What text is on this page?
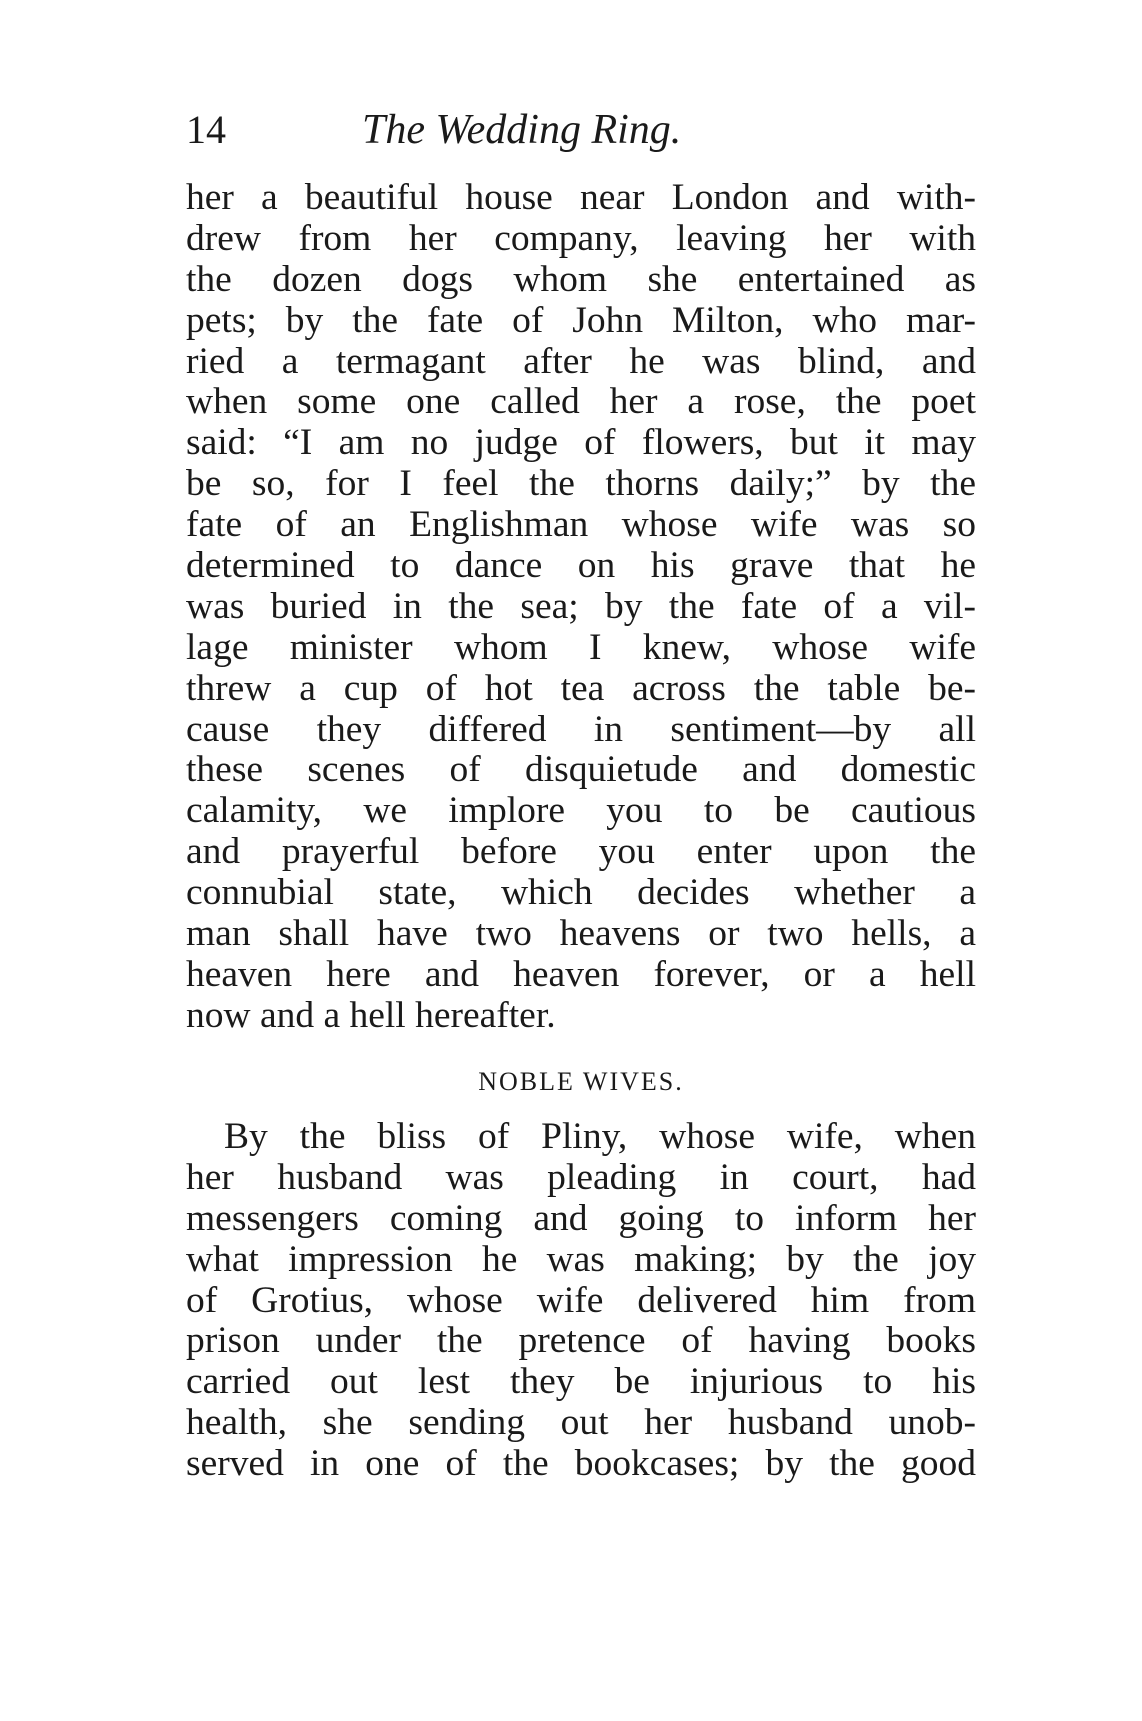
14	The Wedding Ring.
her a beautiful house near London and with-
drew from her company, leaving her with
the dozen dogs whom she entertained as
pets; by the fate of John Milton, who mar-
ried a termagant after he was blind, and
when some one called her a rose, the poet
said: “I am no judge of flowers, but it may
be so, for I feel the thorns daily;” by the
fate of an Englishman whose wife was so
determined to dance on his grave that he
was buried in the sea; by the fate of a vil-
lage minister whom I knew, whose wife
threw a cup of hot tea across the table be-
cause they differed in sentiment—by all
these scenes of disquietude and domestic
calamity, we implore you to be cautious
and prayerful before you enter upon the
connubial state, which decides whether a
man shall have two heavens or two hells, a
heaven here and heaven forever, or a hell
now and a hell hereafter.
NOBLE WIVES.
By the bliss of Pliny, whose wife, when
her husband was pleading in court, had
messengers coming and going to inform her
what impression he was making; by the joy
of Grotius, whose wife delivered him from
prison under the pretence of having books
carried out lest they be injurious to his
health, she sending out her husband unob-
served in one of the bookcases; by the good
